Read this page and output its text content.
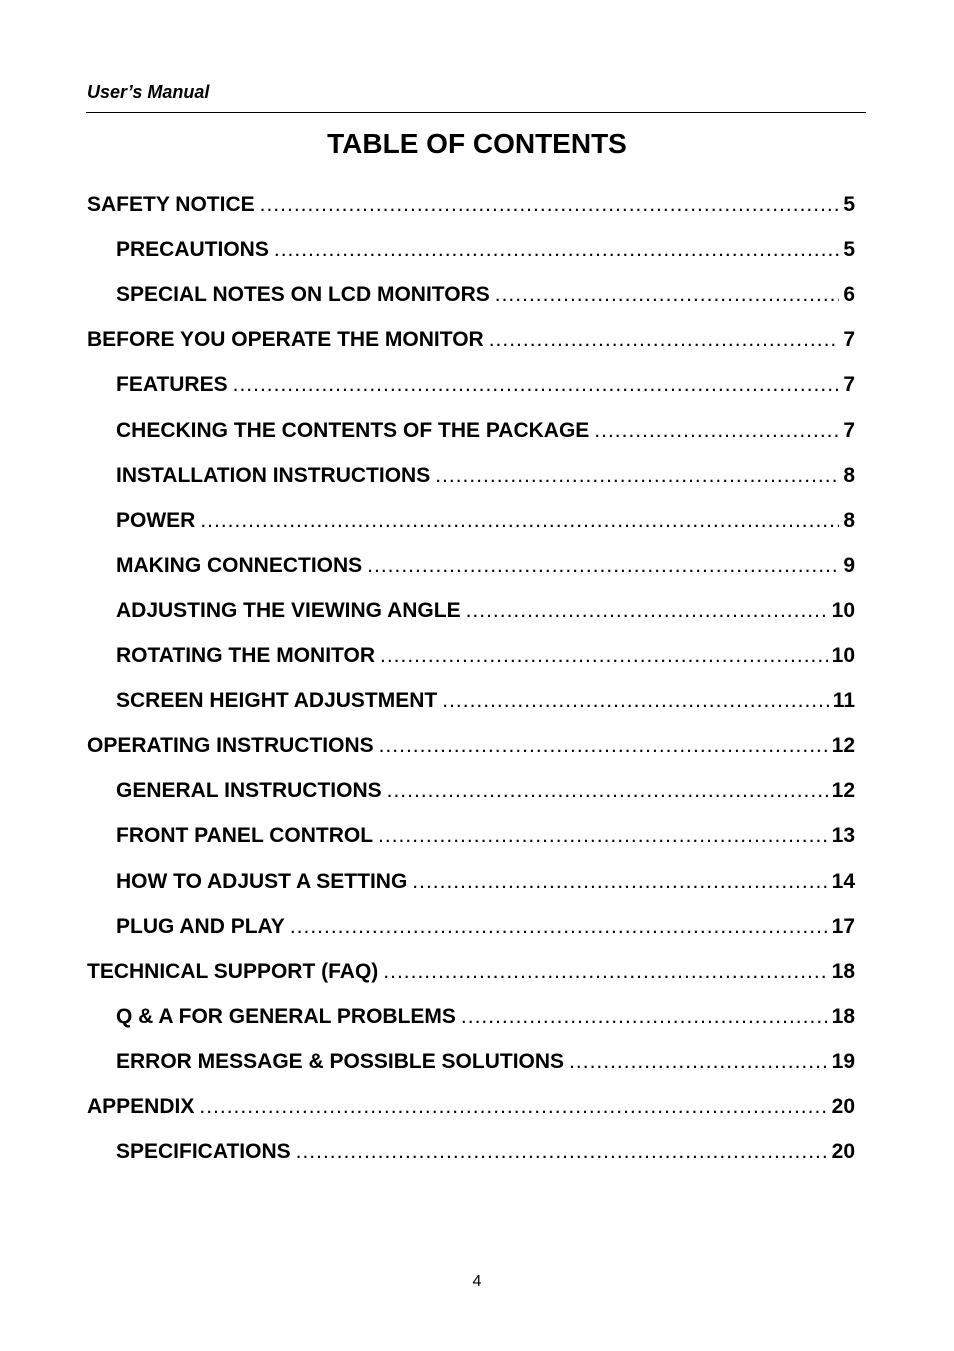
User’s Manual
TABLE OF CONTENTS
SAFETY NOTICE .....	5
PRECAUTIONS .....	5
SPECIAL NOTES ON LCD MONITORS .....	6
BEFORE YOU OPERATE THE MONITOR .....	7
FEATURES .....	7
CHECKING THE CONTENTS OF THE PACKAGE .....	7
INSTALLATION INSTRUCTIONS .....	8
POWER .....	8
MAKING CONNECTIONS .....	9
ADJUSTING THE VIEWING ANGLE .....	10
ROTATING THE MONITOR .....	10
SCREEN HEIGHT ADJUSTMENT .....	11
OPERATING INSTRUCTIONS .....	12
GENERAL INSTRUCTIONS .....	12
FRONT PANEL CONTROL .....	13
HOW TO ADJUST A SETTING .....	14
PLUG AND PLAY .....	17
TECHNICAL SUPPORT (FAQ) .....	18
Q & A FOR GENERAL PROBLEMS .....	18
ERROR MESSAGE & POSSIBLE SOLUTIONS .....	19
APPENDIX .....	20
SPECIFICATIONS .....	20
4
